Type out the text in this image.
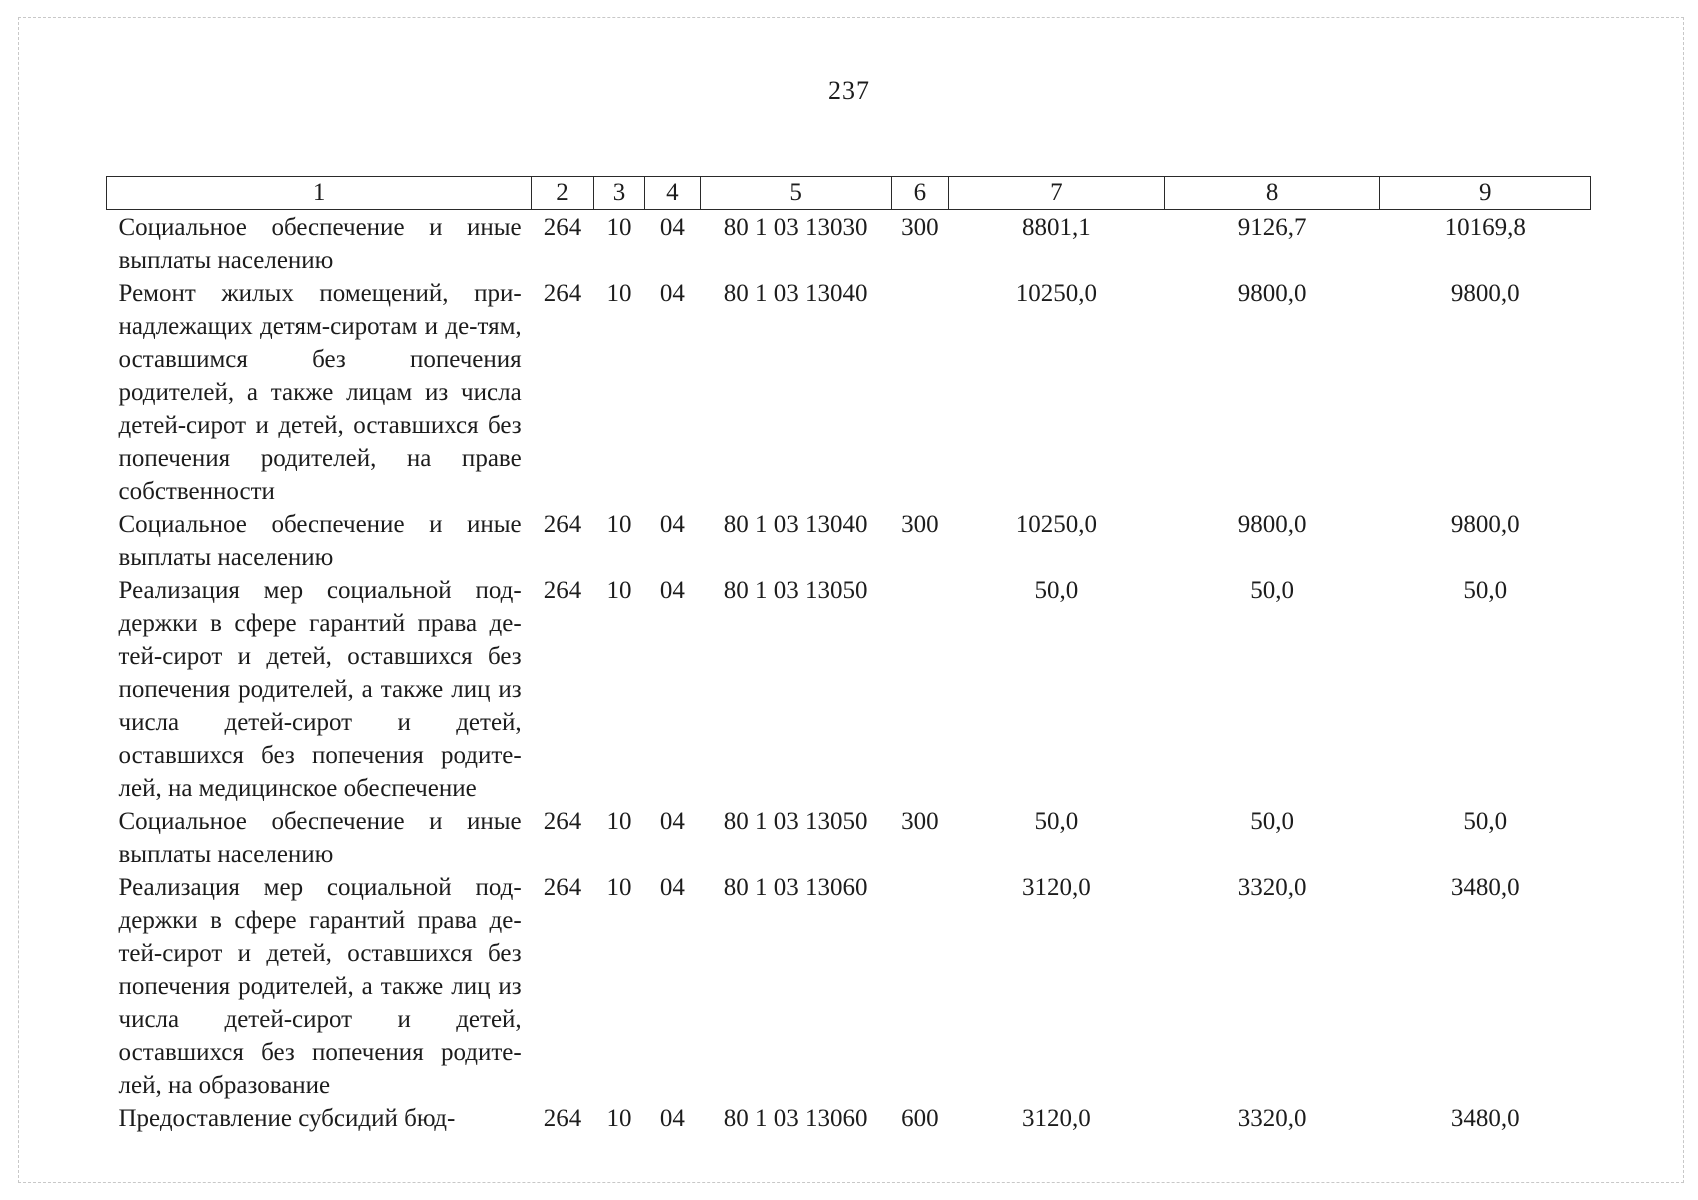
237
1	2	3	4	5	6	7	8	9
Социальное обеспечение и иные выплаты населению	264	10	04	80 1 03 13030	300	8801,1	9126,7	10169,8
Ремонт жилых помещений, при-надлежащих детям-сиротам и де-тям, оставшимся без попечения родителей, а также лицам из числа детей-сирот и детей, оставшихся без попечения родителей, на праве собственности	264	10	04	80 1 03 13040		10250,0	9800,0	9800,0
Социальное обеспечение и иные выплаты населению	264	10	04	80 1 03 13040	300	10250,0	9800,0	9800,0
Реализация мер социальной под-держки в сфере гарантий права де-тей-сирот и детей, оставшихся без попечения родителей, а также лиц из числа детей-сирот и детей, оставшихся без попечения родите-лей, на медицинское обеспечение	264	10	04	80 1 03 13050		50,0	50,0	50,0
Социальное обеспечение и иные выплаты населению	264	10	04	80 1 03 13050	300	50,0	50,0	50,0
Реализация мер социальной под-держки в сфере гарантий права де-тей-сирот и детей, оставшихся без попечения родителей, а также лиц из числа детей-сирот и детей, оставшихся без попечения родите-лей, на образование	264	10	04	80 1 03 13060		3120,0	3320,0	3480,0
Предоставление субсидий бюд-	264	10	04	80 1 03 13060	600	3120,0	3320,0	3480,0
